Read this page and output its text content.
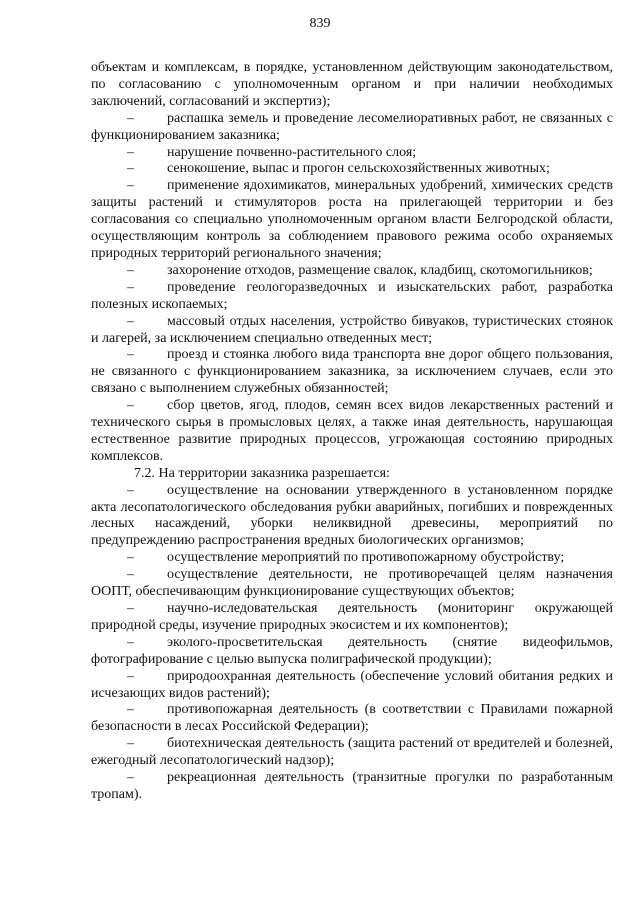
839

объектам и комплексам, в порядке, установленном действующим законодательством, по согласованию с уполномоченным органом и при наличии необходимых заключений, согласований и экспертиз);

– распашка земель и проведение лесомелиоративных работ, не связанных с функционированием заказника;

– нарушение почвенно-растительного слоя;

– сенокошение, выпас и прогон сельскохозяйственных животных;

– применение ядохимикатов, минеральных удобрений, химических средств защиты растений и стимуляторов роста на прилегающей территории и без согласования со специально уполномоченным органом власти Белгородской области, осуществляющим контроль за соблюдением правового режима особо охраняемых природных территорий регионального значения;

– захоронение отходов, размещение свалок, кладбищ, скотомогильников;

– проведение геологоразведочных и изыскательских работ, разработка полезных ископаемых;

– массовый отдых населения, устройство бивуаков, туристических стоянок и лагерей, за исключением специально отведенных мест;

– проезд и стоянка любого вида транспорта вне дорог общего пользования, не связанного с функционированием заказника, за исключением случаев, если это связано с выполнением служебных обязанностей;

– сбор цветов, ягод, плодов, семян всех видов лекарственных растений и технического сырья в промысловых целях, а также иная деятельность, нарушающая естественное развитие природных процессов, угрожающая состоянию природных комплексов.

7.2. На территории заказника разрешается:

– осуществление на основании утвержденного в установленном порядке акта лесопатологического обследования рубки аварийных, погибших и поврежденных лесных насаждений, уборки неликвидной древесины, мероприятий по предупреждению распространения вредных биологических организмов;

– осуществление мероприятий по противопожарному обустройству;

– осуществление деятельности, не противоречащей целям назначения ООПТ, обеспечивающим функционирование существующих объектов;

– научно-иследовательская деятельность (мониторинг окружающей природной среды, изучение природных экосистем и их компонентов);

– эколого-просветительская деятельность (снятие видеофильмов, фотографирование с целью выпуска полиграфической продукции);

– природоохранная деятельность (обеспечение условий обитания редких и исчезающих видов растений);

– противопожарная деятельность (в соответствии с Правилами пожарной безопасности в лесах Российской Федерации);

– биотехническая деятельность (защита растений от вредителей и болезней, ежегодный лесопатологический надзор);

– рекреационная деятельность (транзитные прогулки по разработанным тропам).
